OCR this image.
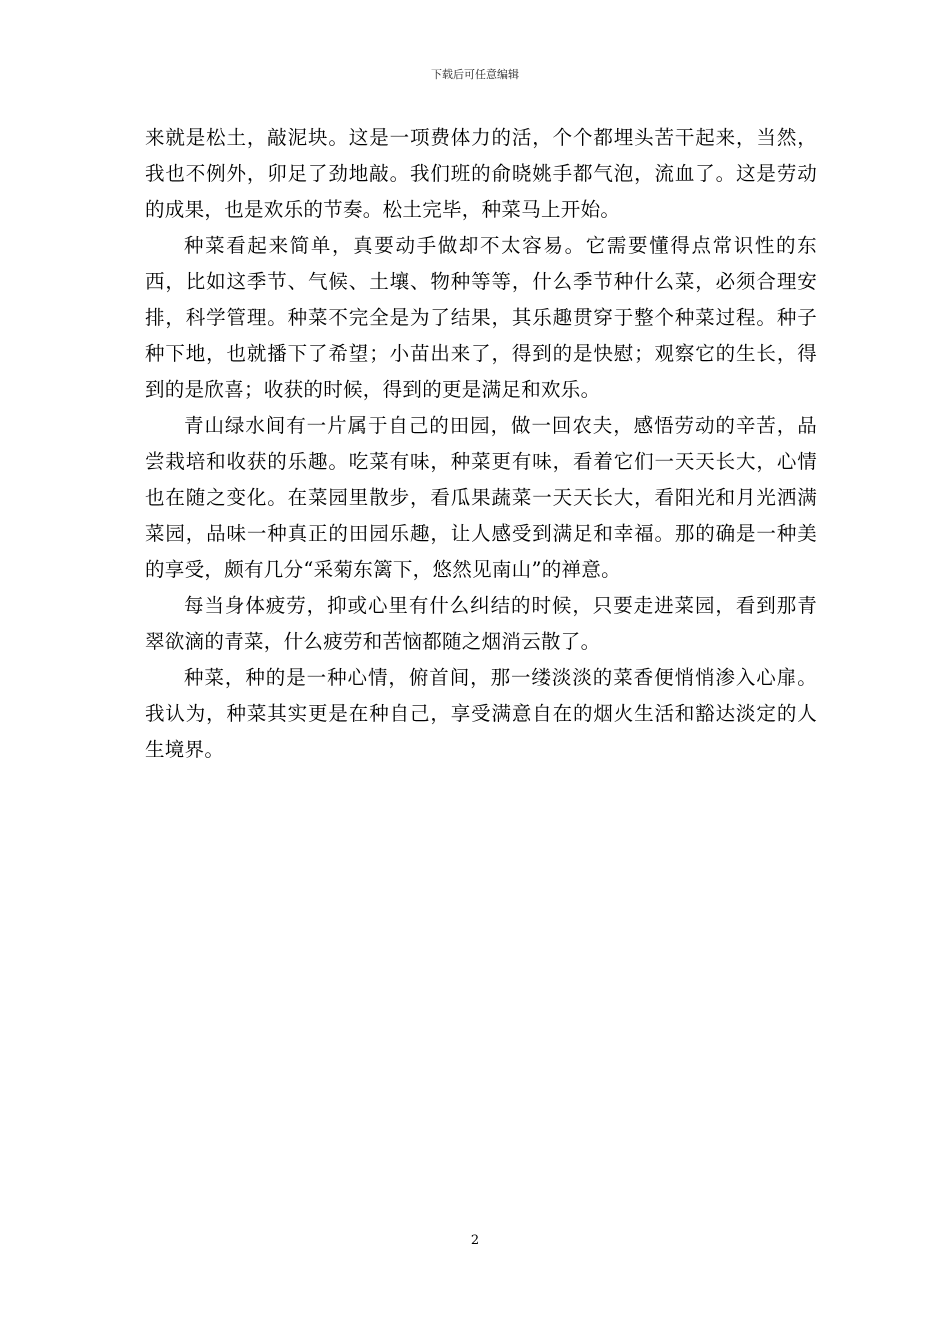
下载后可任意编辑

来就是松土，敲泥块。这是一项费体力的活，个个都埋头苦干起来，当然，我也不例外，卯足了劲地敲。我们班的俞晓姚手都气泡，流血了。这是劳动的成果，也是欢乐的节奏。松土完毕，种菜马上开始。

种菜看起来简单，真要动手做却不太容易。它需要懂得点常识性的东西，比如这季节、气候、土壤、物种等等，什么季节种什么菜，必须合理安排，科学管理。种菜不完全是为了结果，其乐趣贯穿于整个种菜过程。种子种下地，也就播下了希望；小苗出来了，得到的是快慰；观察它的生长，得到的是欣喜；收获的时候，得到的更是满足和欢乐。

青山绿水间有一片属于自己的田园，做一回农夫，感悟劳动的辛苦，品尝栽培和收获的乐趣。吃菜有味，种菜更有味，看着它们一天天长大，心情也在随之变化。在菜园里散步，看瓜果蔬菜一天天长大，看阳光和月光洒满菜园，品味一种真正的田园乐趣，让人感受到满足和幸福。那的确是一种美的享受，颇有几分“采菊东篱下，悠然见南山”的禅意。

每当身体疲劳，抑或心里有什么纠结的时候，只要走进菜园，看到那青翠欲滴的青菜，什么疲劳和苦恼都随之烟消云散了。

种菜，种的是一种心情，俯首间，那一缕淡淡的菜香便悄悄渗入心扉。我认为，种菜其实更是在种自己，享受满意自在的烟火生活和豁达淡定的人生境界。

2
